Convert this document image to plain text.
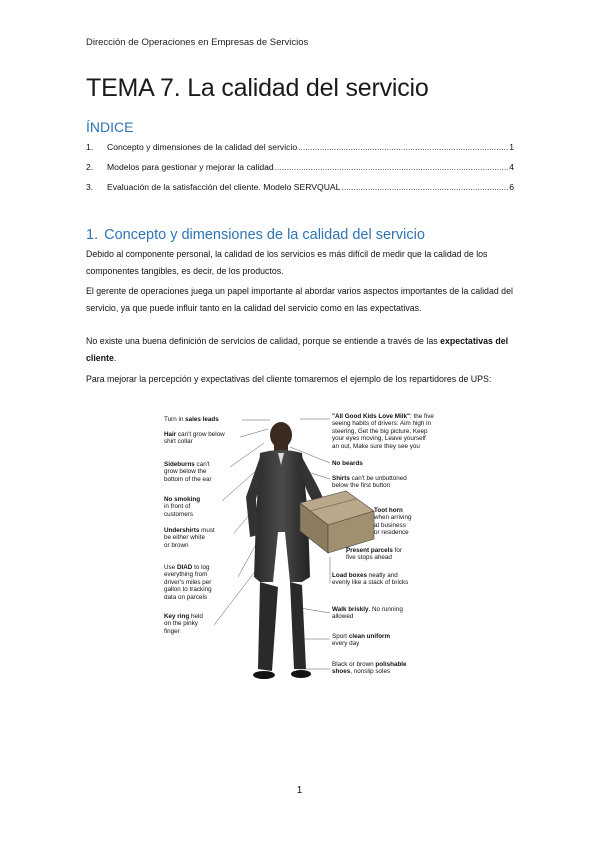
Dirección de Operaciones en Empresas de Servicios
TEMA 7. La calidad del servicio
ÍNDICE
1.	Concepto y dimensiones de la calidad del servicio .....	1
2.	Modelos para gestionar y mejorar la calidad .....	4
3.	Evaluación de la satisfacción del cliente. Modelo SERVQUAL .....	6
1. Concepto y dimensiones de la calidad del servicio

Debido al componente personal, la calidad de los servicios es más difícil de medir que la calidad de los componentes tangibles, es decir, de los productos.

El gerente de operaciones juega un papel importante al abordar varios aspectos importantes de la calidad del servicio, ya que puede influir tanto en la calidad del servicio como en las expectativas.

No existe una buena definición de servicios de calidad, porque se entiende a través de las expectativas del cliente.

Para mejorar la percepción y expectativas del cliente tomaremos el ejemplo de los repartidores de UPS:

Turn in sales leads
Hair can't grow below
shirt collar
Sideburns can't
grow below the
bottom of the ear
No smoking
in front of
customers
Undershirts must
be either white
or brown
Use DIAD to log
everything from
driver's miles per
gallon to tracking
data on parcels
Key ring held
on the pinky
finger
"All Good Kids Love Milk": the five
seeing habits of drivers: Aim high in
steering, Get the big picture, Keep
your eyes moving, Leave yourself
an out, Make sure they see you
No beards
Shirts can't be unbuttoned
below the first button
Toot horn
when arriving
at business
or residence
Present parcels for
five stops ahead
Load boxes neatly and
evenly like a stack of bricks
Walk briskly. No running
allowed
Sport clean uniform
every day
Black or brown polishable
shoes, nonslip soles
1
